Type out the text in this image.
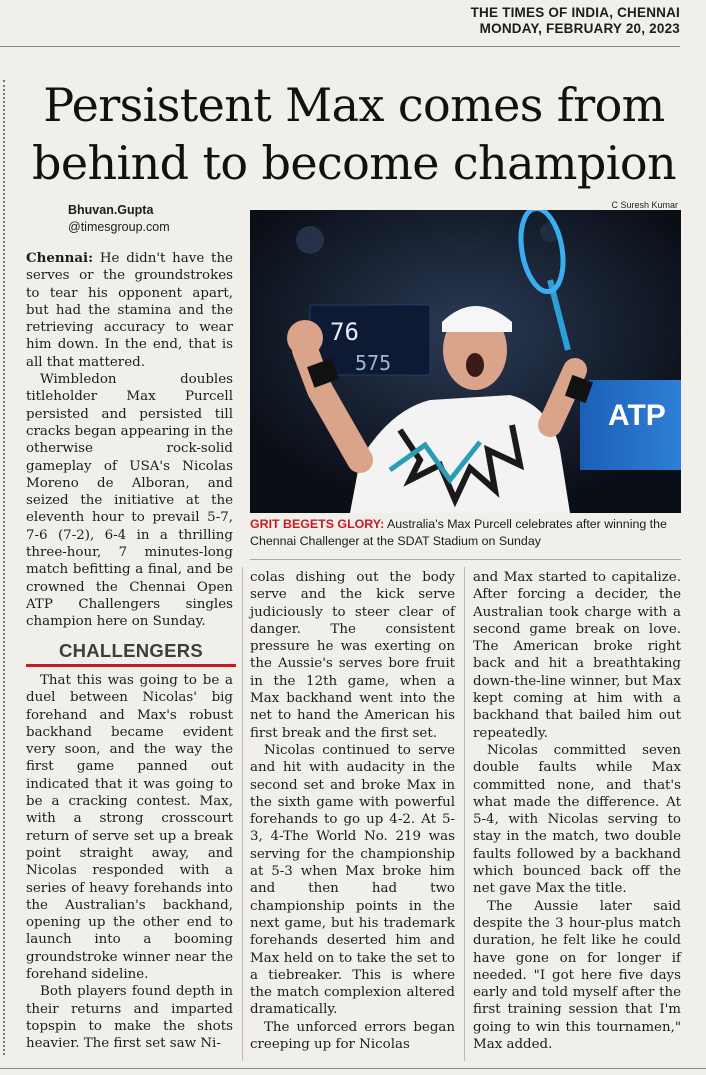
THE TIMES OF INDIA, CHENNAI
MONDAY, FEBRUARY 20, 2023
Persistent Max comes from
behind to become champion
Bhuvan.Gupta
@timesgroup.com
C Suresh Kumar

Chennai: He didn't have the serves or the groundstrokes to tear his opponent apart, but had the stamina and the retrieving accuracy to wear him down. In the end, that is all that mattered.

Wimbledon doubles titleholder Max Purcell persisted and persisted till cracks began appearing in the otherwise rock-solid gameplay of USA's Nicolas Moreno de Alboran, and seized the initiative at the eleventh hour to prevail 5-7, 7-6 (7-2), 6-4 in a thrilling three-hour, 7 minutes-long match befitting a final, and be crowned the Chennai Open ATP Challengers singles champion here on Sunday.

CHALLENGERS

That this was going to be a duel between Nicolas' big forehand and Max's robust backhand became evident very soon, and the way the first game panned out indicated that it was going to be a cracking contest. Max, with a strong crosscourt return of serve set up a break point straight away, and Nicolas responded with a series of heavy forehands into the Australian's backhand, opening up the other end to launch into a booming groundstroke winner near the forehand sideline.

Both players found depth in their returns and imparted topspin to make the shots heavier. The first set saw Ni-

76
575
ATP
GRIT BEGETS GLORY: Australia's Max Purcell celebrates after winning the Chennai Challenger at the SDAT Stadium on Sunday

colas dishing out the body serve and the kick serve judiciously to steer clear of danger. The consistent pressure he was exerting on the Aussie's serves bore fruit in the 12th game, when a Max backhand went into the net to hand the American his first break and the first set.

Nicolas continued to serve and hit with audacity in the second set and broke Max in the sixth game with powerful forehands to go up 4-2. At 5-3, 4-The World No. 219 was serving for the championship at 5-3 when Max broke him and then had two championship points in the next game, but his trademark forehands deserted him and Max held on to take the set to a tiebreaker. This is where the match complexion altered dramatically.

The unforced errors began creeping up for Nicolas

and Max started to capitalize. After forcing a decider, the Australian took charge with a second game break on love. The American broke right back and hit a breathtaking down-the-line winner, but Max kept coming at him with a backhand that bailed him out repeatedly.

Nicolas committed seven double faults while Max committed none, and that's what made the difference. At 5-4, with Nicolas serving to stay in the match, two double faults followed by a backhand which bounced back off the net gave Max the title.

The Aussie later said despite the 3 hour-plus match duration, he felt like he could have gone on for longer if needed. "I got here five days early and told myself after the first training session that I'm going to win this tournamen," Max added.
